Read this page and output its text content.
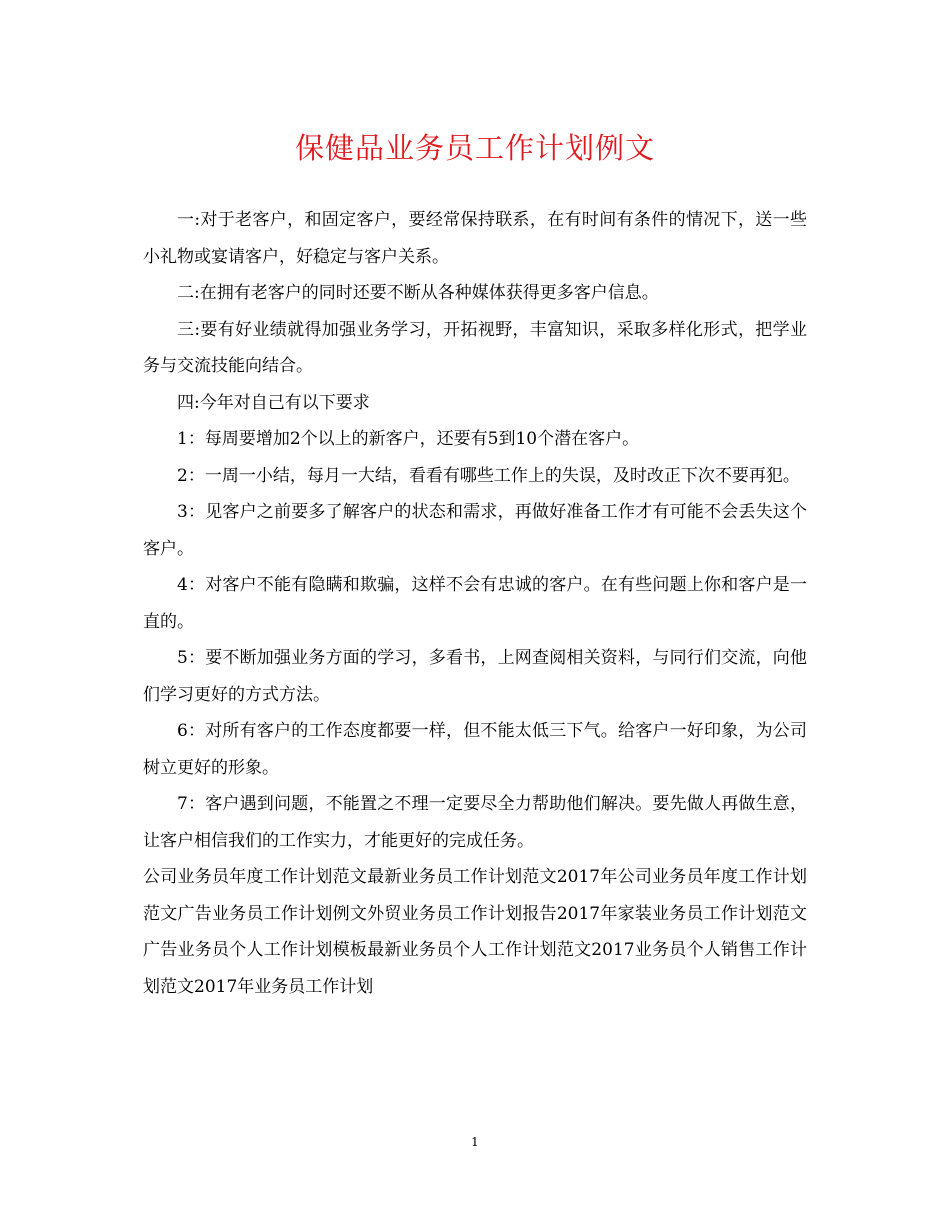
保健品业务员工作计划例文

一:对于老客户，和固定客户，要经常保持联系，在有时间有条件的情况下，送一些小礼物或宴请客户，好稳定与客户关系。

二:在拥有老客户的同时还要不断从各种媒体获得更多客户信息。

三:要有好业绩就得加强业务学习，开拓视野，丰富知识，采取多样化形式，把学业务与交流技能向结合。

四:今年对自己有以下要求

1：每周要增加2个以上的新客户，还要有5到10个潜在客户。

2：一周一小结，每月一大结，看看有哪些工作上的失误，及时改正下次不要再犯。

3：见客户之前要多了解客户的状态和需求，再做好准备工作才有可能不会丢失这个客户。

4：对客户不能有隐瞒和欺骗，这样不会有忠诚的客户。在有些问题上你和客户是一直的。

5：要不断加强业务方面的学习，多看书，上网查阅相关资料，与同行们交流，向他们学习更好的方式方法。

6：对所有客户的工作态度都要一样，但不能太低三下气。给客户一好印象，为公司树立更好的形象。

7：客户遇到问题，不能置之不理一定要尽全力帮助他们解决。要先做人再做生意，让客户相信我们的工作实力，才能更好的完成任务。

公司业务员年度工作计划范文最新业务员工作计划范文2017年公司业务员年度工作计划范文广告业务员工作计划例文外贸业务员工作计划报告2017年家装业务员工作计划范文广告业务员个人工作计划模板最新业务员个人工作计划范文2017业务员个人销售工作计划范文2017年业务员工作计划

1
